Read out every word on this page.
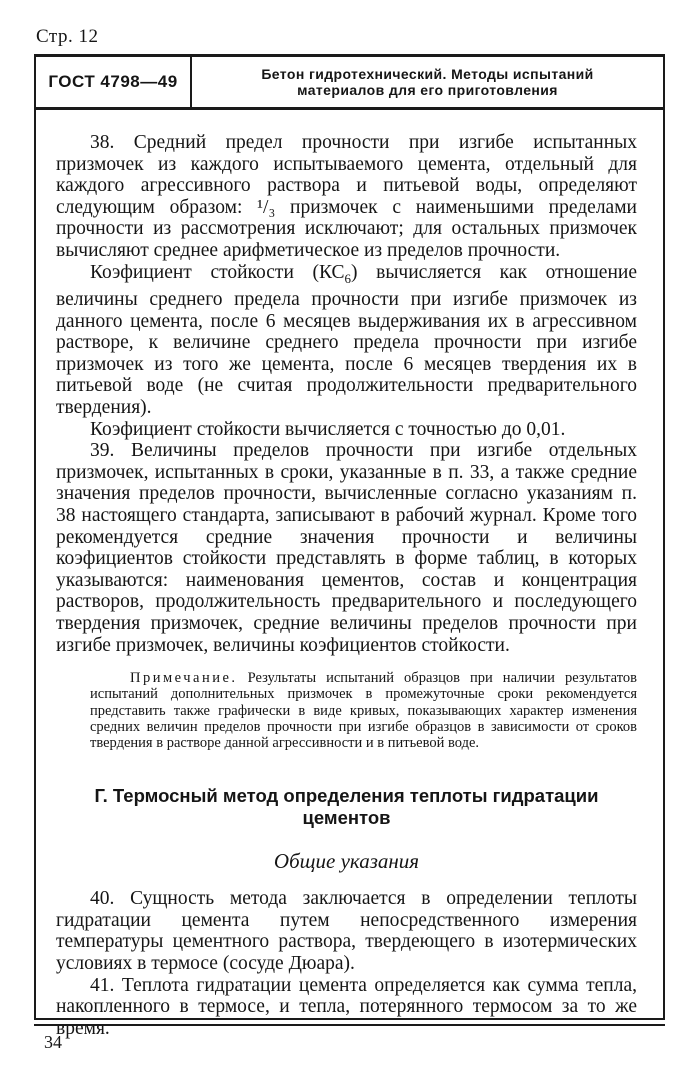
Стр. 12
ГОСТ 4798—49	Бетон гидротехнический. Методы испытаний
материалов для его приготовления

38. Средний предел прочности при изгибе испытанных призмочек из каждого испытываемого цемента, отдельный для каждого агрессивного раствора и питьевой воды, определяют следующим образом: ¹/₃ призмочек с наименьшими пределами прочности из рассмотрения исключают; для остальных призмочек вычисляют среднее арифметическое из пределов прочности.

Коэфициент стойкости $(КС_6)$ вычисляется как отношение величины среднего предела прочности при изгибе призмочек из данного цемента, после 6 месяцев выдерживания их в агрессивном растворе, к величине среднего предела прочности при изгибе призмочек из того же цемента, после 6 месяцев твердения их в питьевой воде (не считая продолжительности предварительного твердения).

Коэфициент стойкости вычисляется с точностью до 0,01.

39. Величины пределов прочности при изгибе отдельных призмочек, испытанных в сроки, указанные в п. 33, а также средние значения пределов прочности, вычисленные согласно указаниям п. 38 настоящего стандарта, записывают в рабочий журнал. Кроме того рекомендуется средние значения прочности и величины коэфициентов стойкости представлять в форме таблиц, в которых указываются: наименования цементов, состав и концентрация растворов, продолжительность предварительного и последующего твердения призмочек, средние величины пределов прочности при изгибе призмочек, величины коэфициентов стойкости.

Примечание. Результаты испытаний образцов при наличии результатов испытаний дополнительных призмочек в промежуточные сроки рекомендуется представить также графически в виде кривых, показывающих характер изменения средних величин пределов прочности при изгибе образцов в зависимости от сроков твердения в растворе данной агрессивности и в питьевой воде.

Г. Термосный метод определения теплоты гидратации цементов
Общие указания

40. Сущность метода заключается в определении теплоты гидратации цемента путем непосредственного измерения температуры цементного раствора, твердеющего в изотермических условиях в термосе (сосуде Дюара).

41. Теплота гидратации цемента определяется как сумма тепла, накопленного в термосе, и тепла, потерянного термосом за то же время.

34
